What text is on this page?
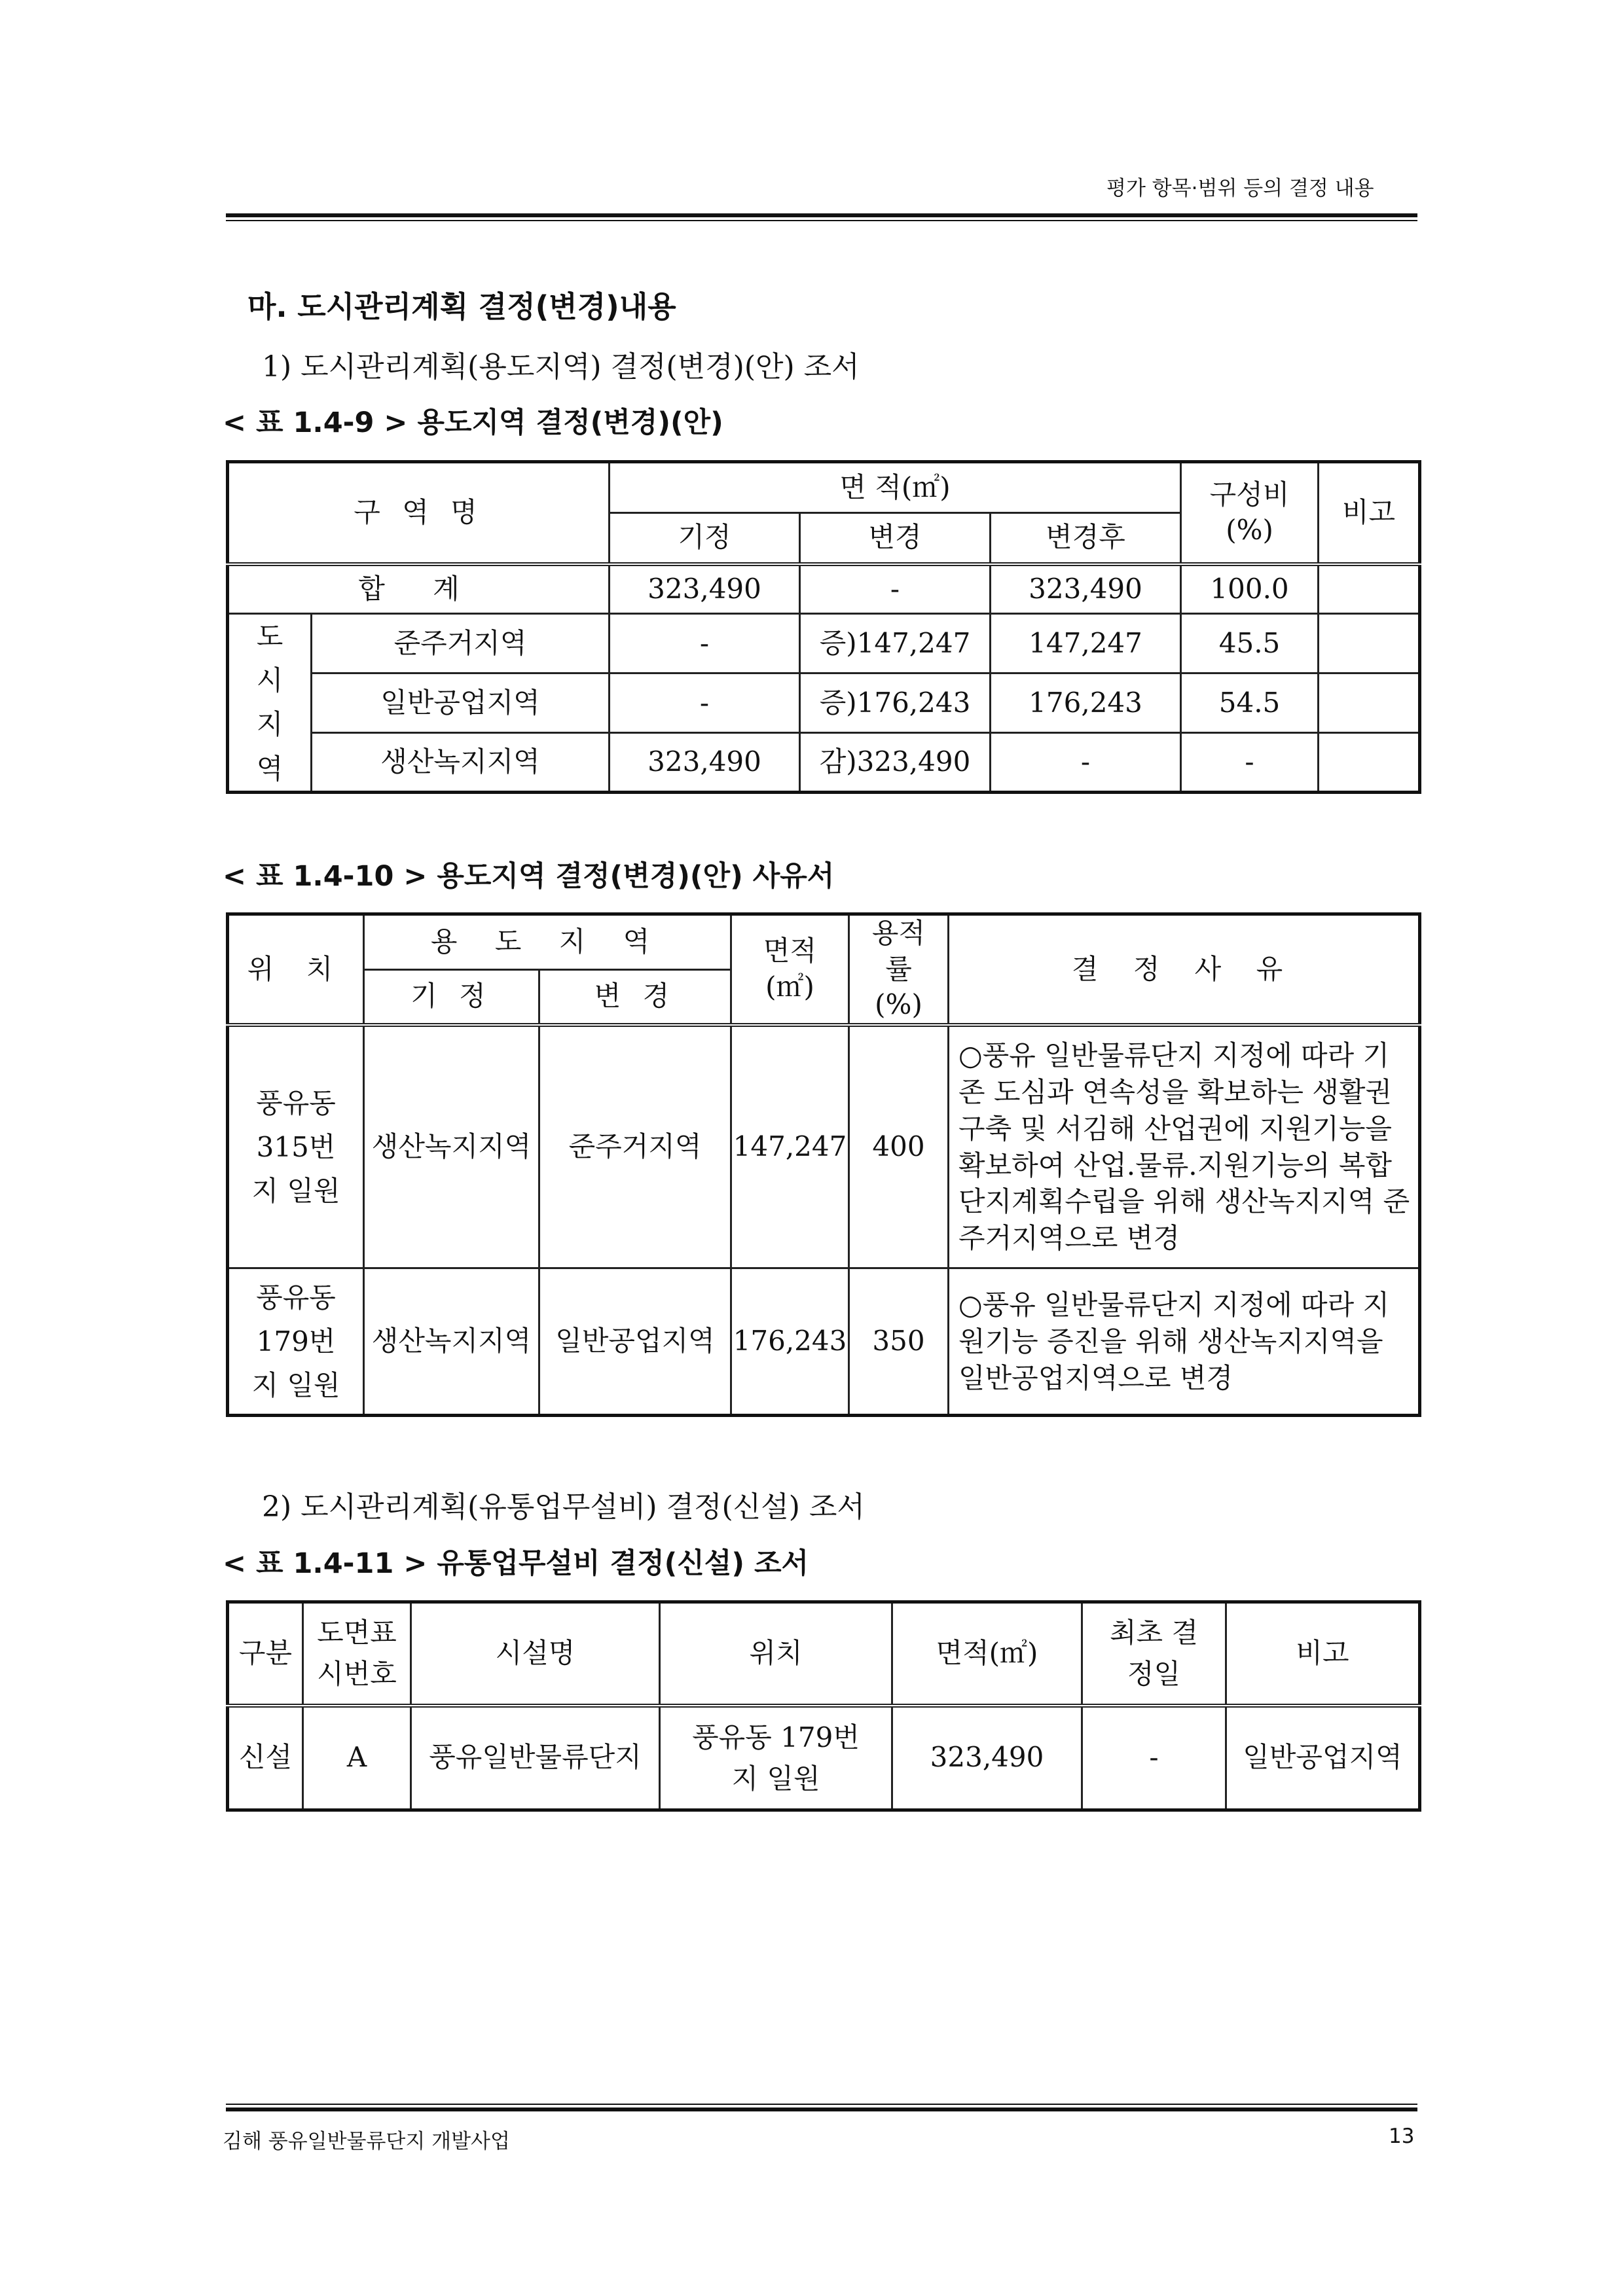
평가 항목·범위 등의 결정 내용
마. 도시관리계획 결정(변경)내용
1) 도시관리계획(용도지역) 결정(변경)(안) 조서
< 표 1.4-9 > 용도지역 결정(변경)(안)
구 역 명		면 적(㎡)			구성비 (%)	비고
		기정	변경	변경후		
합 계		323,490	-	323,490	100.0	
도시 지역	준주거지역	-	증)147,247	147,247	45.5	
	일반공업지역	-	증)176,243	176,243	54.5	
	생산녹지지역	323,490	감)323,490	-	-	
< 표 1.4-10 > 용도지역 결정(변경)(안) 사유서
위 치	용 도 지 역		면적 (㎡)	용적률 (%)	결 정 사 유
	기 정	변 경			
풍유동 315번지 일원	생산녹지지역	준주거지역	147,247	400	○풍유 일반물류단지 지정에 따라 기존 도심과 연속성을 확보하는 생활권 구축 및 서김해 산업권에 지원기능을 확보하여 산업.물류.지원기능의 복합단지계획수립을 위해 생산녹지지역 준주거지역으로 변경
풍유동 179번지 일원	생산녹지지역	일반공업지역	176,243	350	○풍유 일반물류단지 지정에 따라 지원기능 증진을 위해 생산녹지지역을 일반공업지역으로 변경
2) 도시관리계획(유통업무설비) 결정(신설) 조서
< 표 1.4-11 > 유통업무설비 결정(신설) 조서
구분	도면표 시번호	시설명	위치	면적(㎡)	최초 결정일	비고
신설	A	풍유일반물류단지	풍유동 179번지 일원	323,490	-	일반공업지역
김해 풍유일반물류단지 개발사업	13
